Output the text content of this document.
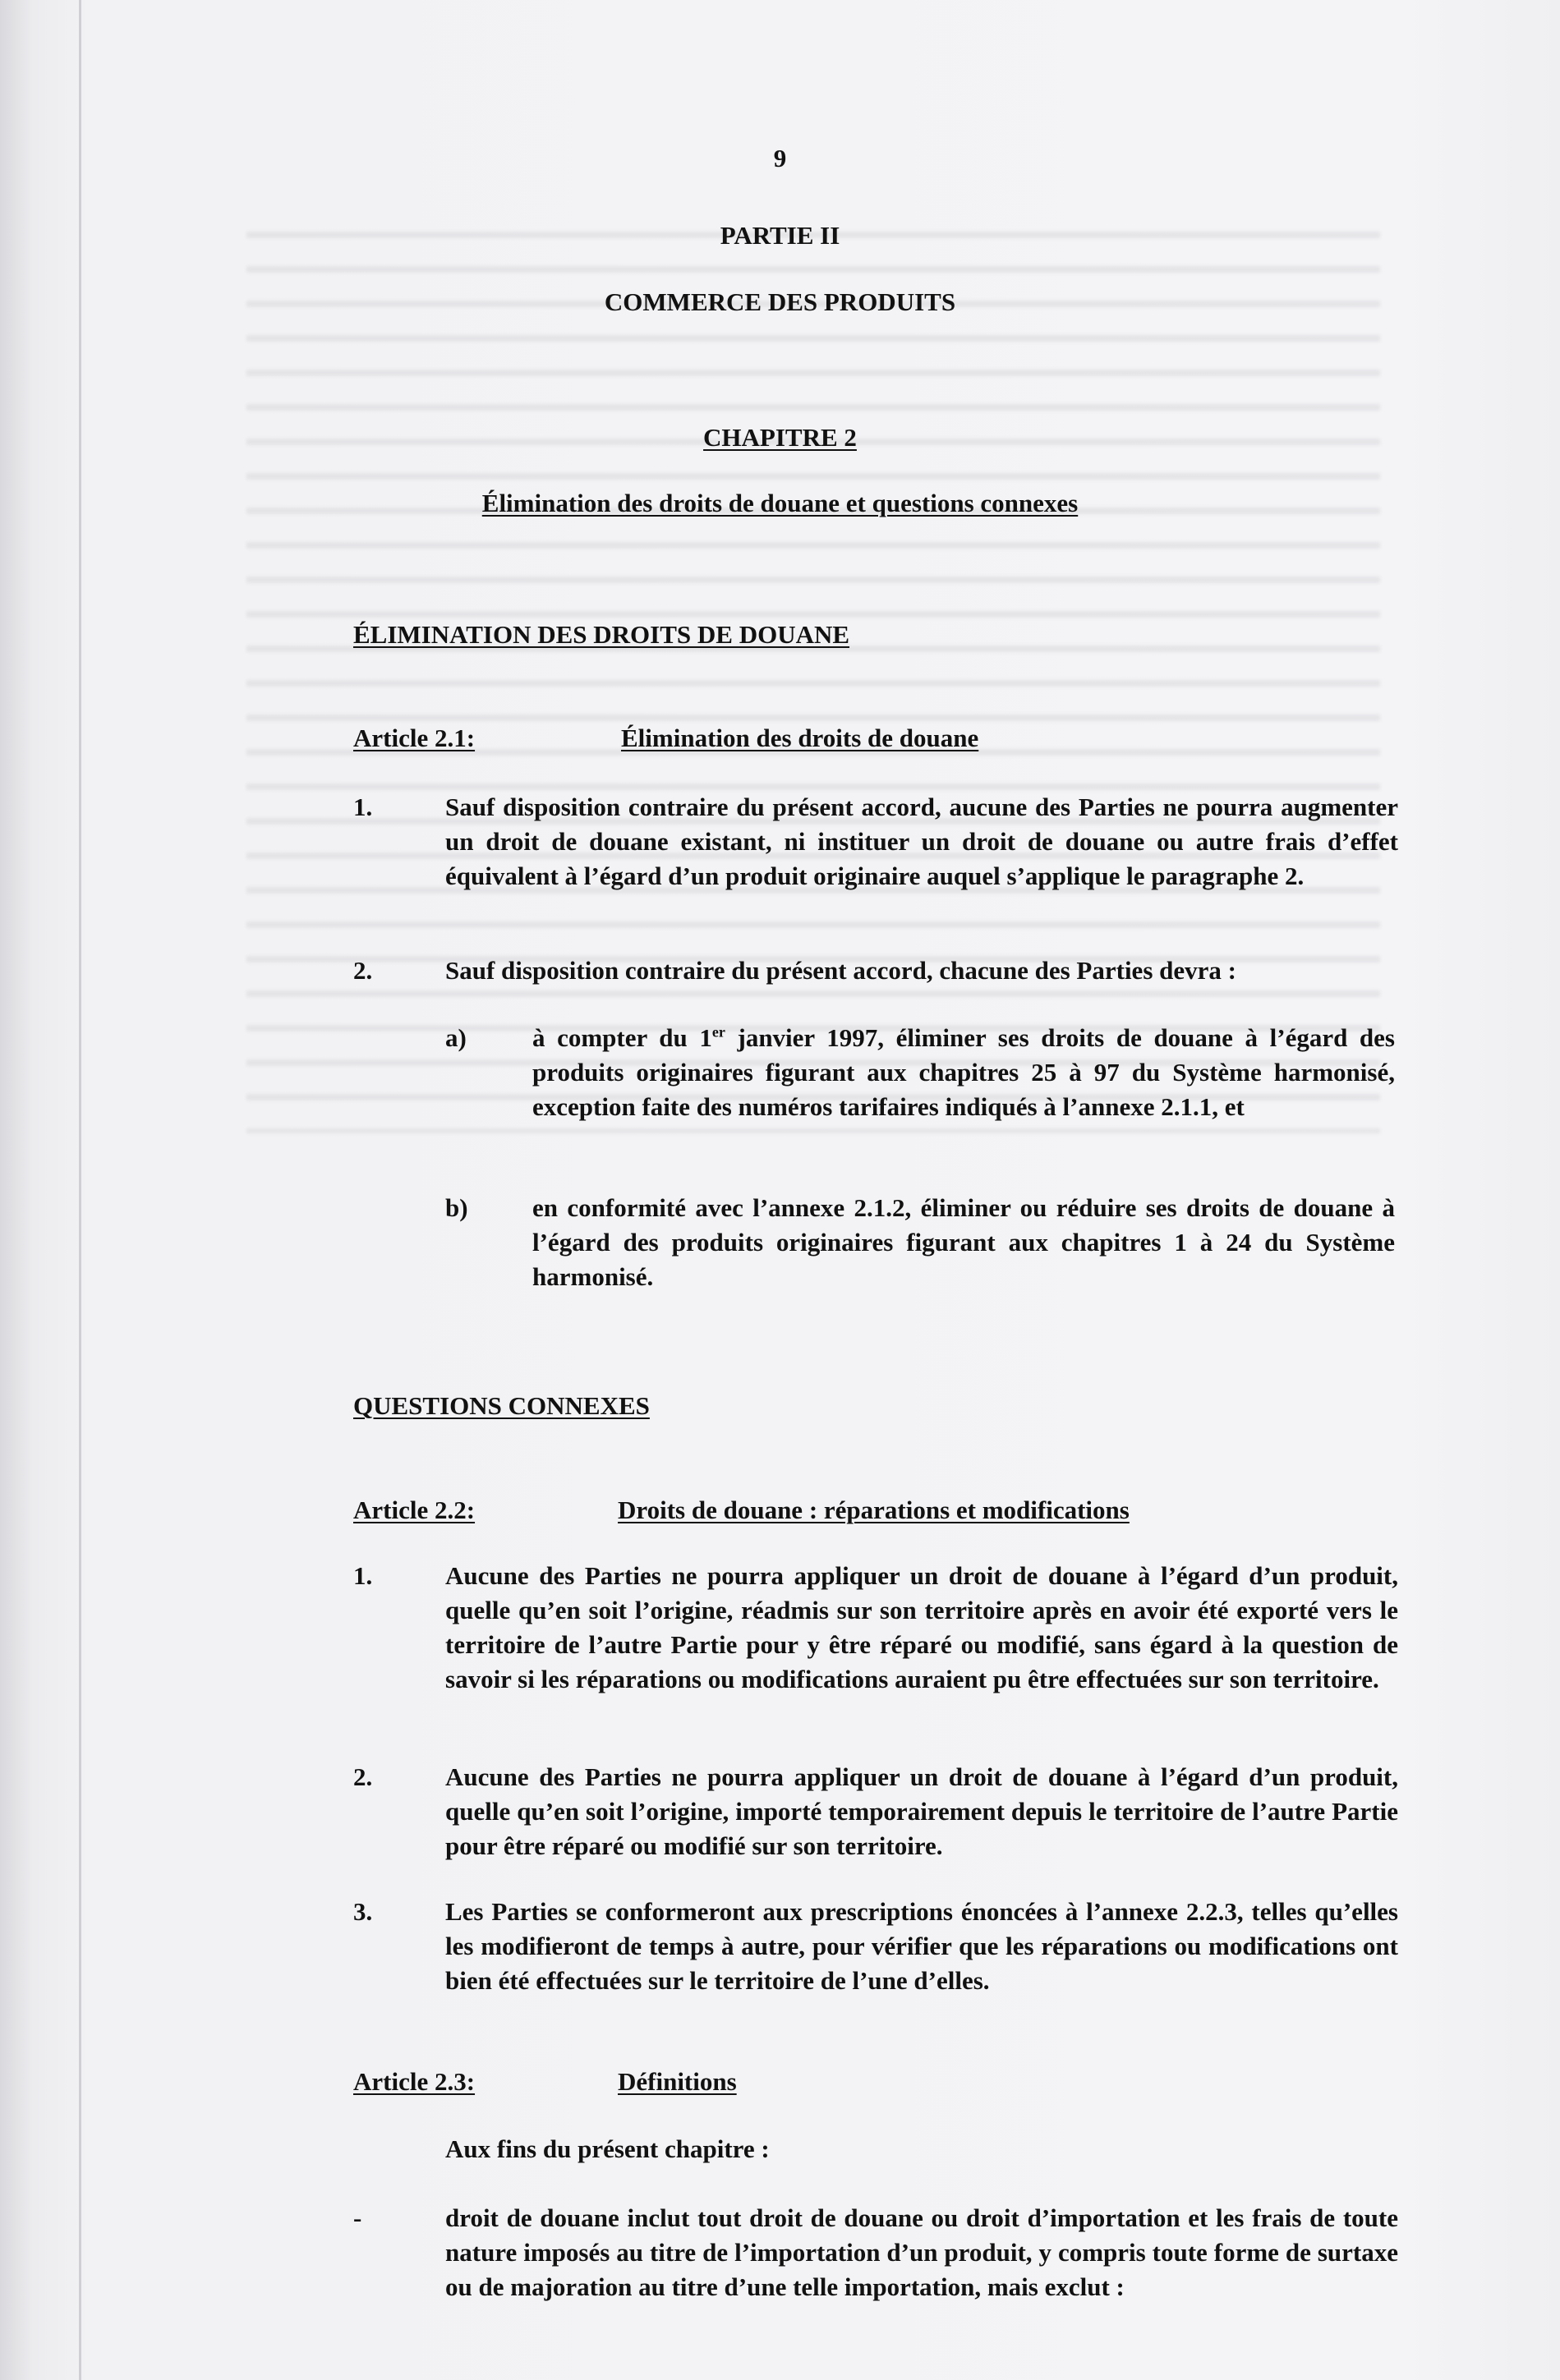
9
PARTIE II
COMMERCE DES PRODUITS
CHAPITRE 2
Élimination des droits de douane et questions connexes
ÉLIMINATION DES DROITS DE DOUANE
Article 2.1:	Élimination des droits de douane
1.	Sauf disposition contraire du présent accord, aucune des Parties ne pourra augmenter un droit de douane existant, ni instituer un droit de douane ou autre frais d’effet équivalent à l’égard d’un produit originaire auquel s’applique le paragraphe 2.
2.	Sauf disposition contraire du présent accord, chacune des Parties devra :
a)	à compter du 1er janvier 1997, éliminer ses droits de douane à l’égard des produits originaires figurant aux chapitres 25 à 97 du Système harmonisé, exception faite des numéros tarifaires indiqués à l’annexe 2.1.1, et
b)	en conformité avec l’annexe 2.1.2, éliminer ou réduire ses droits de douane à l’égard des produits originaires figurant aux chapitres 1 à 24 du Système harmonisé.
QUESTIONS CONNEXES
Article 2.2:	Droits de douane : réparations et modifications
1.	Aucune des Parties ne pourra appliquer un droit de douane à l’égard d’un produit, quelle qu’en soit l’origine, réadmis sur son territoire après en avoir été exporté vers le territoire de l’autre Partie pour y être réparé ou modifié, sans égard à la question de savoir si les réparations ou modifications auraient pu être effectuées sur son territoire.
2.	Aucune des Parties ne pourra appliquer un droit de douane à l’égard d’un produit, quelle qu’en soit l’origine, importé temporairement depuis le territoire de l’autre Partie pour être réparé ou modifié sur son territoire.
3.	Les Parties se conformeront aux prescriptions énoncées à l’annexe 2.2.3, telles qu’elles les modifieront de temps à autre, pour vérifier que les réparations ou modifications ont bien été effectuées sur le territoire de l’une d’elles.
Article 2.3:	Définitions
Aux fins du présent chapitre :
-	droit de douane inclut tout droit de douane ou droit d’importation et les frais de toute nature imposés au titre de l’importation d’un produit, y compris toute forme de surtaxe ou de majoration au titre d’une telle importation, mais exclut :
